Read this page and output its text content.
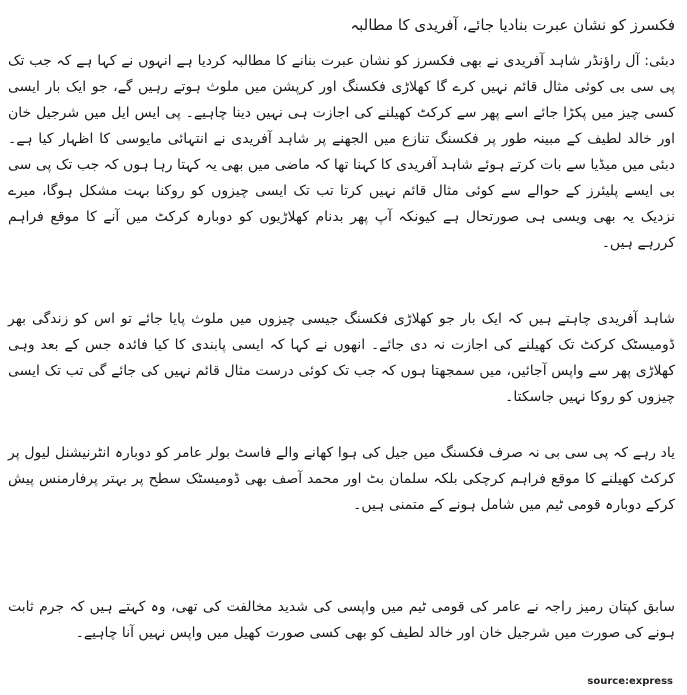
فکسرز کو نشان عبرت بنادیا جائے، آفریدی کا مطالبہ

دبئی: آل راؤنڈر شاہد آفریدی نے بھی فکسرز کو نشان عبرت بنانے کا مطالبہ کردیا ہے انہوں نے کہا ہے کہ جب تک پی سی بی کوئی مثال قائم نہیں کرے گا کھلاڑی فکسنگ اور کرپشن میں ملوث ہوتے رہیں گے، جو ایک بار ایسی کسی چیز میں پکڑا جائے اسے پھر سے کرکٹ کھیلنے کی اجازت ہی نہیں دینا چاہیے۔ پی ایس ایل میں شرجیل خان اور خالد لطیف کے مبینہ طور پر فکسنگ تنازع میں الجھنے پر شاہد آفریدی نے انتہائی مایوسی کا اظہار کیا ہے۔ دبئی میں میڈیا سے بات کرتے ہوئے شاہد آفریدی کا کہنا تھا کہ ماضی میں بھی یہ کہتا رہا ہوں کہ جب تک پی سی بی ایسے پلیئرز کے حوالے سے کوئی مثال قائم نہیں کرتا تب تک ایسی چیزوں کو روکنا بہت مشکل ہوگا، میرے نزدیک یہ بھی ویسی ہی صورتحال ہے کیونکہ آپ پھر بدنام کھلاڑیوں کو دوبارہ کرکٹ میں آنے کا موقع فراہم کررہے ہیں۔

شاہد آفریدی چاہتے ہیں کہ ایک بار جو کھلاڑی فکسنگ جیسی چیزوں میں ملوث پایا جائے تو اس کو زندگی بھر ڈومیسٹک کرکٹ تک کھیلنے کی اجازت نہ دی جائے۔ انھوں نے کہا کہ ایسی پابندی کا کیا فائدہ جس کے بعد وہی کھلاڑی پھر سے واپس آجائیں، میں سمجھتا ہوں کہ جب تک کوئی درست مثال قائم نہیں کی جائے گی تب تک ایسی چیزوں کو روکا نہیں جاسکتا۔

یاد رہے کہ پی سی بی نہ صرف فکسنگ میں جیل کی ہوا کھانے والے فاسٹ بولر عامر کو دوبارہ انٹرنیشنل لیول پر کرکٹ کھیلنے کا موقع فراہم کرچکی بلکہ سلمان بٹ اور محمد آصف بھی ڈومیسٹک سطح پر بہتر پرفارمنس پیش کرکے دوبارہ قومی ٹیم میں شامل ہونے کے متمنی ہیں۔

سابق کپتان رمیز راجہ نے عامر کی قومی ٹیم میں واپسی کی شدید مخالفت کی تھی، وہ کہتے ہیں کہ جرم ثابت ہونے کی صورت میں شرجیل خان اور خالد لطیف کو بھی کسی صورت کھیل میں واپس نہیں آنا چاہیے۔

source:express
